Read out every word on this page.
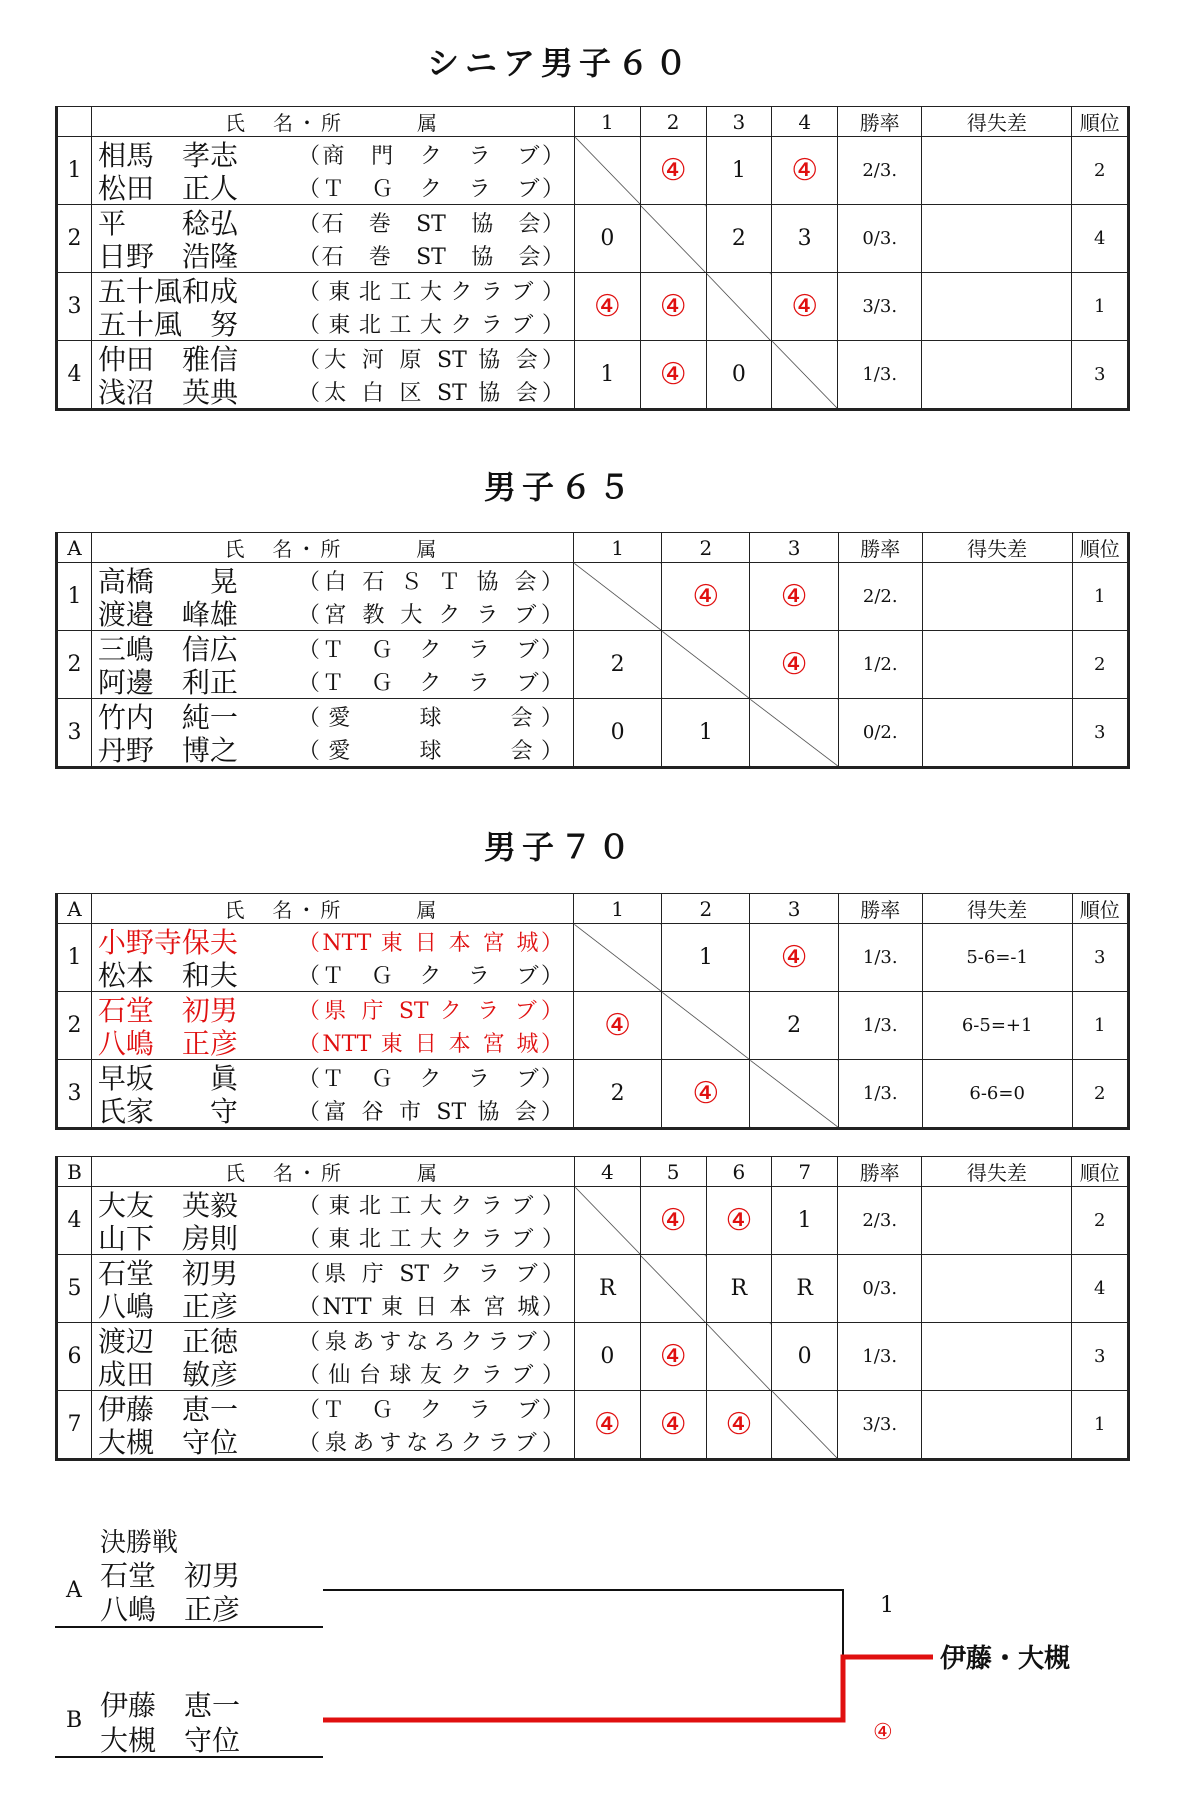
シニア男子６０
	氏　名・所　　　属	1	2	3	4	勝率	得失差	順位
1	相馬　孝志 （商　門　ク　ラ　ブ）
松田　正人 （Ｔ　Ｇ　ク　ラ　ブ）		④	1	④	2/3.		2
2	平　　稔弘 （石　巻　ST　協　会）
日野　浩隆 （石　巻　ST　協　会）	0		2	3	0/3.		4
3	五十風和成 （東北工大クラブ）
五十風　努 （東北工大クラブ）	④	④		④	3/3.		1
4	仲田　雅信 （大 河 原 ST 協 会）
浅沼　英典 （太 白 区 ST 協 会）	1	④	0		1/3.		3
男子６５
A	氏　名・所　　　属	1	2	3	勝率	得失差	順位
1	高橋　　晃 （白 石 Ｓ Ｔ 協 会）
渡邉　峰雄 （宮 教 大 ク ラ ブ）		④	④	2/2.		1
2	三嶋　信広 （Ｔ　Ｇ　ク　ラ　ブ）
阿邊　利正 （Ｔ　Ｇ　ク　ラ　ブ）	2		④	1/2.		2
3	竹内　純一 （愛　　球　　会）
丹野　博之 （愛　　球　　会）	0	1		0/2.		3
男子７０
A	氏　名・所　　　属	1	2	3	勝率	得失差	順位
1	小野寺保夫 （NTT 東 日 本 宮 城）
松本　和夫 （Ｔ　Ｇ　ク　ラ　ブ）		1	④	1/3.	5-6=-1	3
2	石堂　初男 （県 庁 ST ク ラ ブ）
八嶋　正彦 （NTT 東 日 本 宮 城）	④		2	1/3.	6-5=+1	1
3	早坂　　眞 （Ｔ　Ｇ　ク　ラ　ブ）
氏家　　守 （富 谷 市 ST 協 会）	2	④		1/3.	6-6=0	2
B	氏　名・所　　　属	4	5	6	7	勝率	得失差	順位
4	大友　英毅 （東北工大クラブ）
山下　房則 （東北工大クラブ）		④	④	1	2/3.		2
5	石堂　初男 （県 庁 ST ク ラ ブ）
八嶋　正彦 （NTT 東 日 本 宮 城）	R		R	R	0/3.		4
6	渡辺　正徳 （泉あすなろクラブ）
成田　敏彦 （仙台球友クラブ）	0	④		0	1/3.		3
7	伊藤　恵一 （Ｔ　Ｇ　ク　ラ　ブ）
大槻　守位 （泉あすなろクラブ）	④	④	④		3/3.		1
決勝戦
A 石堂　初男
八嶋　正彦
B 伊藤　恵一
大槻　守位
1
④
伊藤・大槻
